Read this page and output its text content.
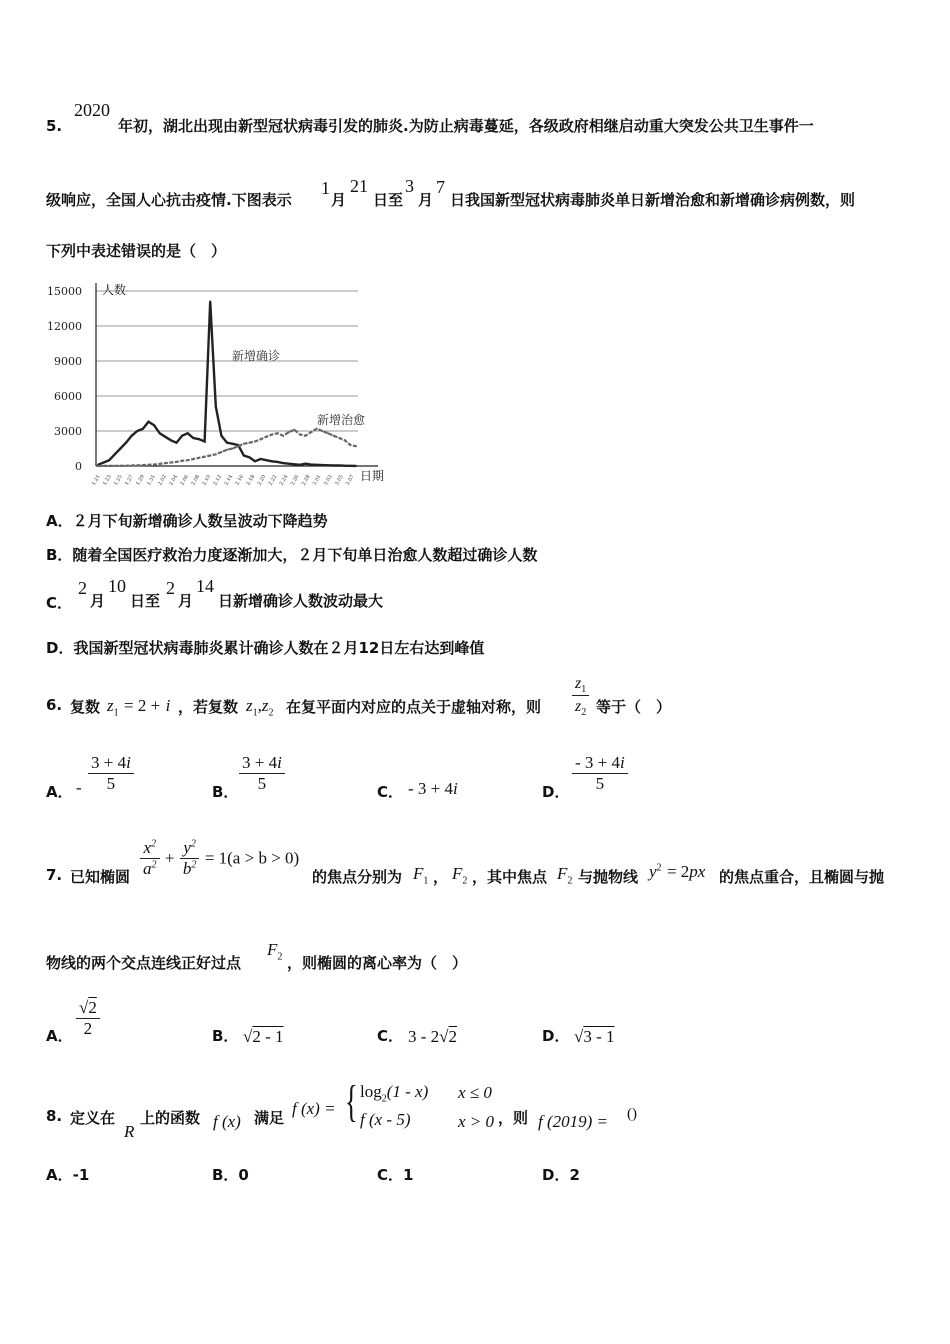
5.
2020
年初，湖北出现由新型冠状病毒引发的肺炎.为防止病毒蔓延，各级政府相继启动重大突发公共卫生事件一
级响应，全国人心抗击疫情.下图表示
1
月
21
日至
3
月
7
日我国新型冠状病毒肺炎单日新增治愈和新增确诊病例数，则
下列中表述错误的是（　）
15000
12000
9000
6000
3000
0
人数
日期
1.21 1.23 1.25 1.27 1.29 1.31 2.02 2.04 2.06 2.08 2.10 2.12 2.14 2.16 2.18 2.20 2.22 2.24 2.26 2.28 3.01 3.03 3.05 3.07
新增确诊
新增治愈
A．２月下旬新增确诊人数呈波动下降趋势
B．随着全国医疗救治力度逐渐加大，２月下旬单日治愈人数超过确诊人数
C．
2
月
10
日至
2
月
14
日新增确诊人数波动最大
D．我国新型冠状病毒肺炎累计确诊人数在２月12日左右达到峰值
6. 复数 $z_1 = 2 + i$ ，若复数 $z_1,z_2$ 在复平面内对应的点关于虚轴对称，则 $\frac{z_1}{z_2}$ 等于（　）
A． - $\frac{3 + 4i}{5}$	B． $\frac{3 + 4i}{5}$	C． - 3 + 4i	D． $\frac{- 3 + 4i}{5}$
7. 已知椭圆 $\frac{x^2}{a^2} + \frac{y^2}{b^2} = 1(a > b > 0)$
的焦点分别为 $F_1$ ， $F_2$ ，其中焦点 $F_2$ 与抛物线 $y^2 = 2px$ 的焦点重合，且椭圆与抛
物线的两个交点连线正好过点
$F_2$ ，则椭圆的离心率为（　）
A． $\frac{√2}{2}$	B． √2 - 1	C． 3 - 2√2	D． √3 - 1
8. 定义在
R
上的函数 f (x) 满足 f (x) = { $\log_2(1 - x) x \le 0$
f (x - 5)	x > 0 ，则 f (2019) = ()
A．-1	B．0	C．1	D．2
